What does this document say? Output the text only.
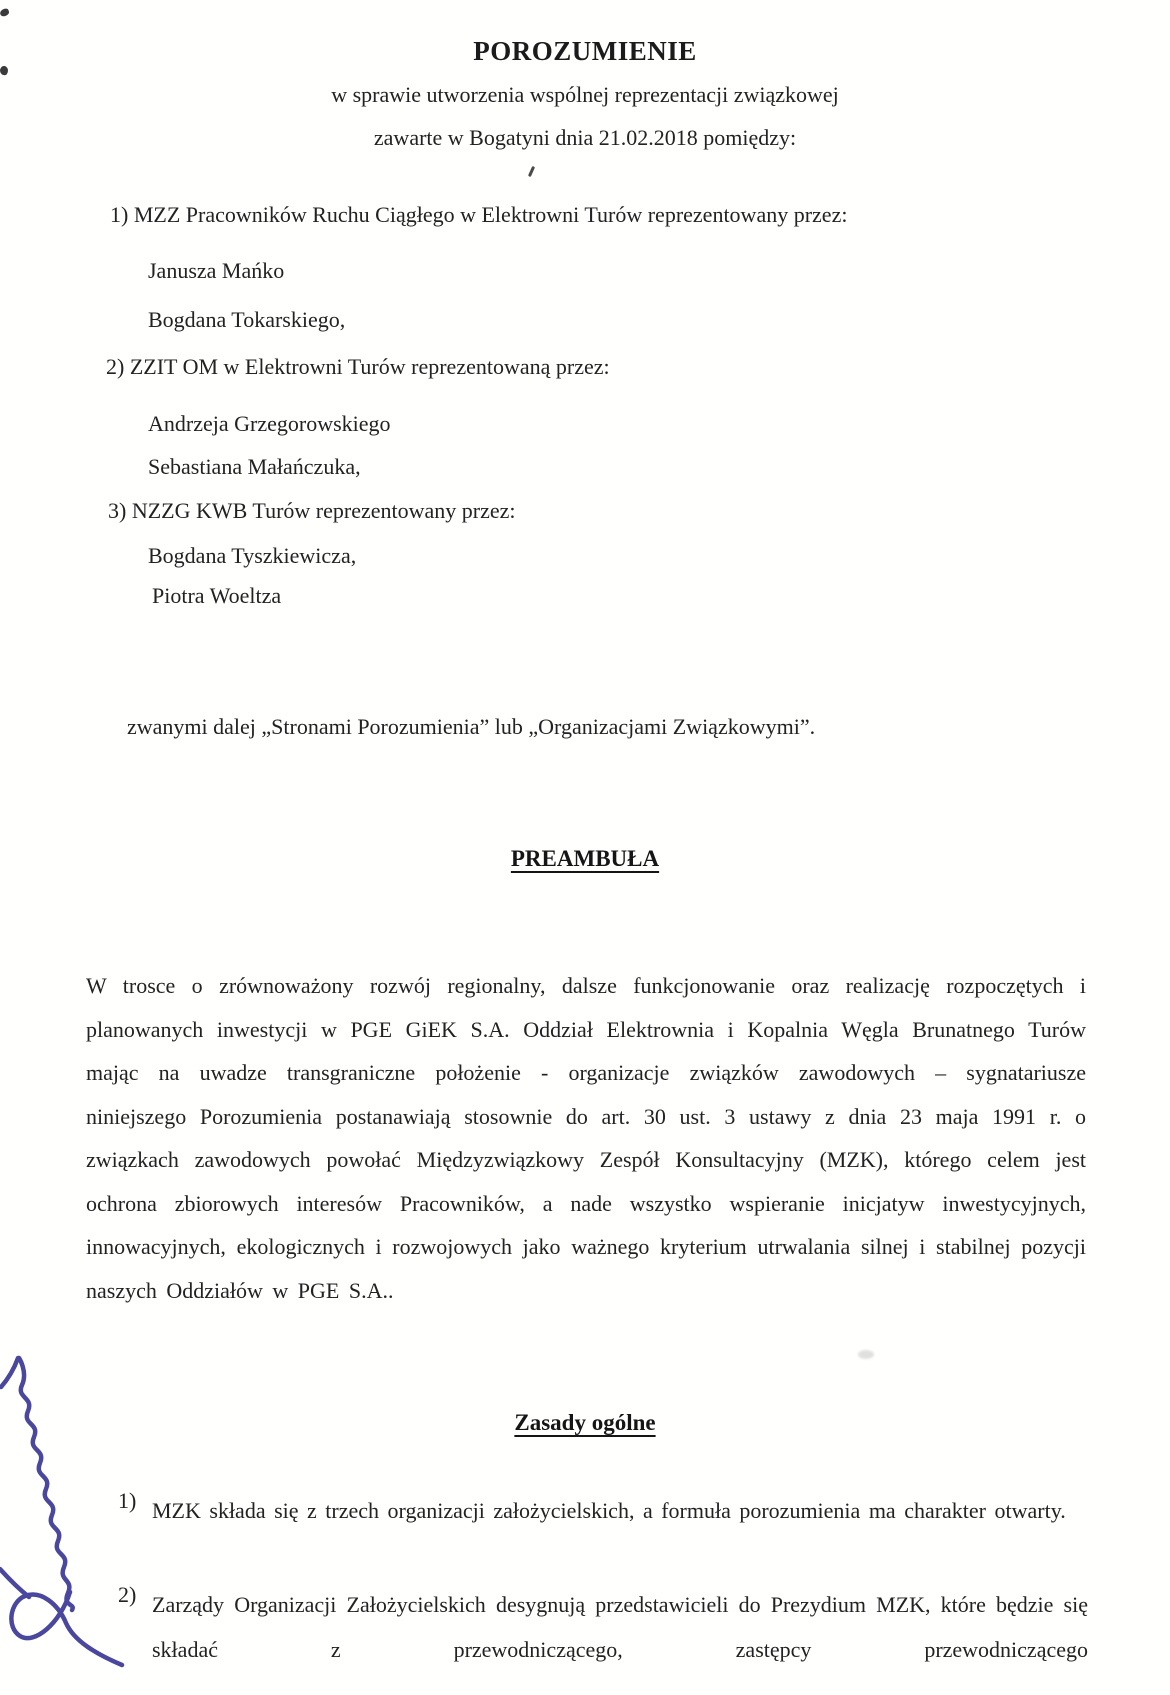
POROZUMIENIE
w sprawie utworzenia wspólnej reprezentacji związkowej
zawarte w Bogatyni dnia 21.02.2018 pomiędzy:
1) MZZ Pracowników Ruchu Ciągłego w Elektrowni Turów reprezentowany przez:
Janusza Mańko
Bogdana Tokarskiego,
2) ZZIT OM w Elektrowni Turów reprezentowaną przez:
Andrzeja Grzegorowskiego
Sebastiana Małańczuka,
3) NZZG KWB Turów reprezentowany przez:
Bogdana Tyszkiewicza,
Piotra Woeltza
zwanymi dalej „Stronami Porozumienia” lub „Organizacjami Związkowymi”.
PREAMBUŁA
W trosce o zrównoważony rozwój regionalny, dalsze funkcjonowanie oraz realizację rozpoczętych i planowanych inwestycji w PGE GiEK S.A. Oddział Elektrownia i Kopalnia Węgla Brunatnego Turów mając na uwadze transgraniczne położenie - organizacje związków zawodowych – sygnatariusze niniejszego Porozumienia postanawiają stosownie do art. 30 ust. 3 ustawy z dnia 23 maja 1991 r. o związkach zawodowych powołać Międzyzwiązkowy Zespół Konsultacyjny (MZK), którego celem jest ochrona zbiorowych interesów Pracowników, a nade wszystko wspieranie inicjatyw inwestycyjnych, innowacyjnych, ekologicznych i rozwojowych jako ważnego kryterium utrwalania silnej i stabilnej pozycji naszych Oddziałów w PGE S.A..
Zasady ogólne
1) MZK składa się z trzech organizacji założycielskich, a formuła porozumienia ma charakter otwarty.
2) Zarządy Organizacji Założycielskich desygnują przedstawicieli do Prezydium MZK, które będzie się składać z przewodniczącego, zastępcy przewodniczącego
